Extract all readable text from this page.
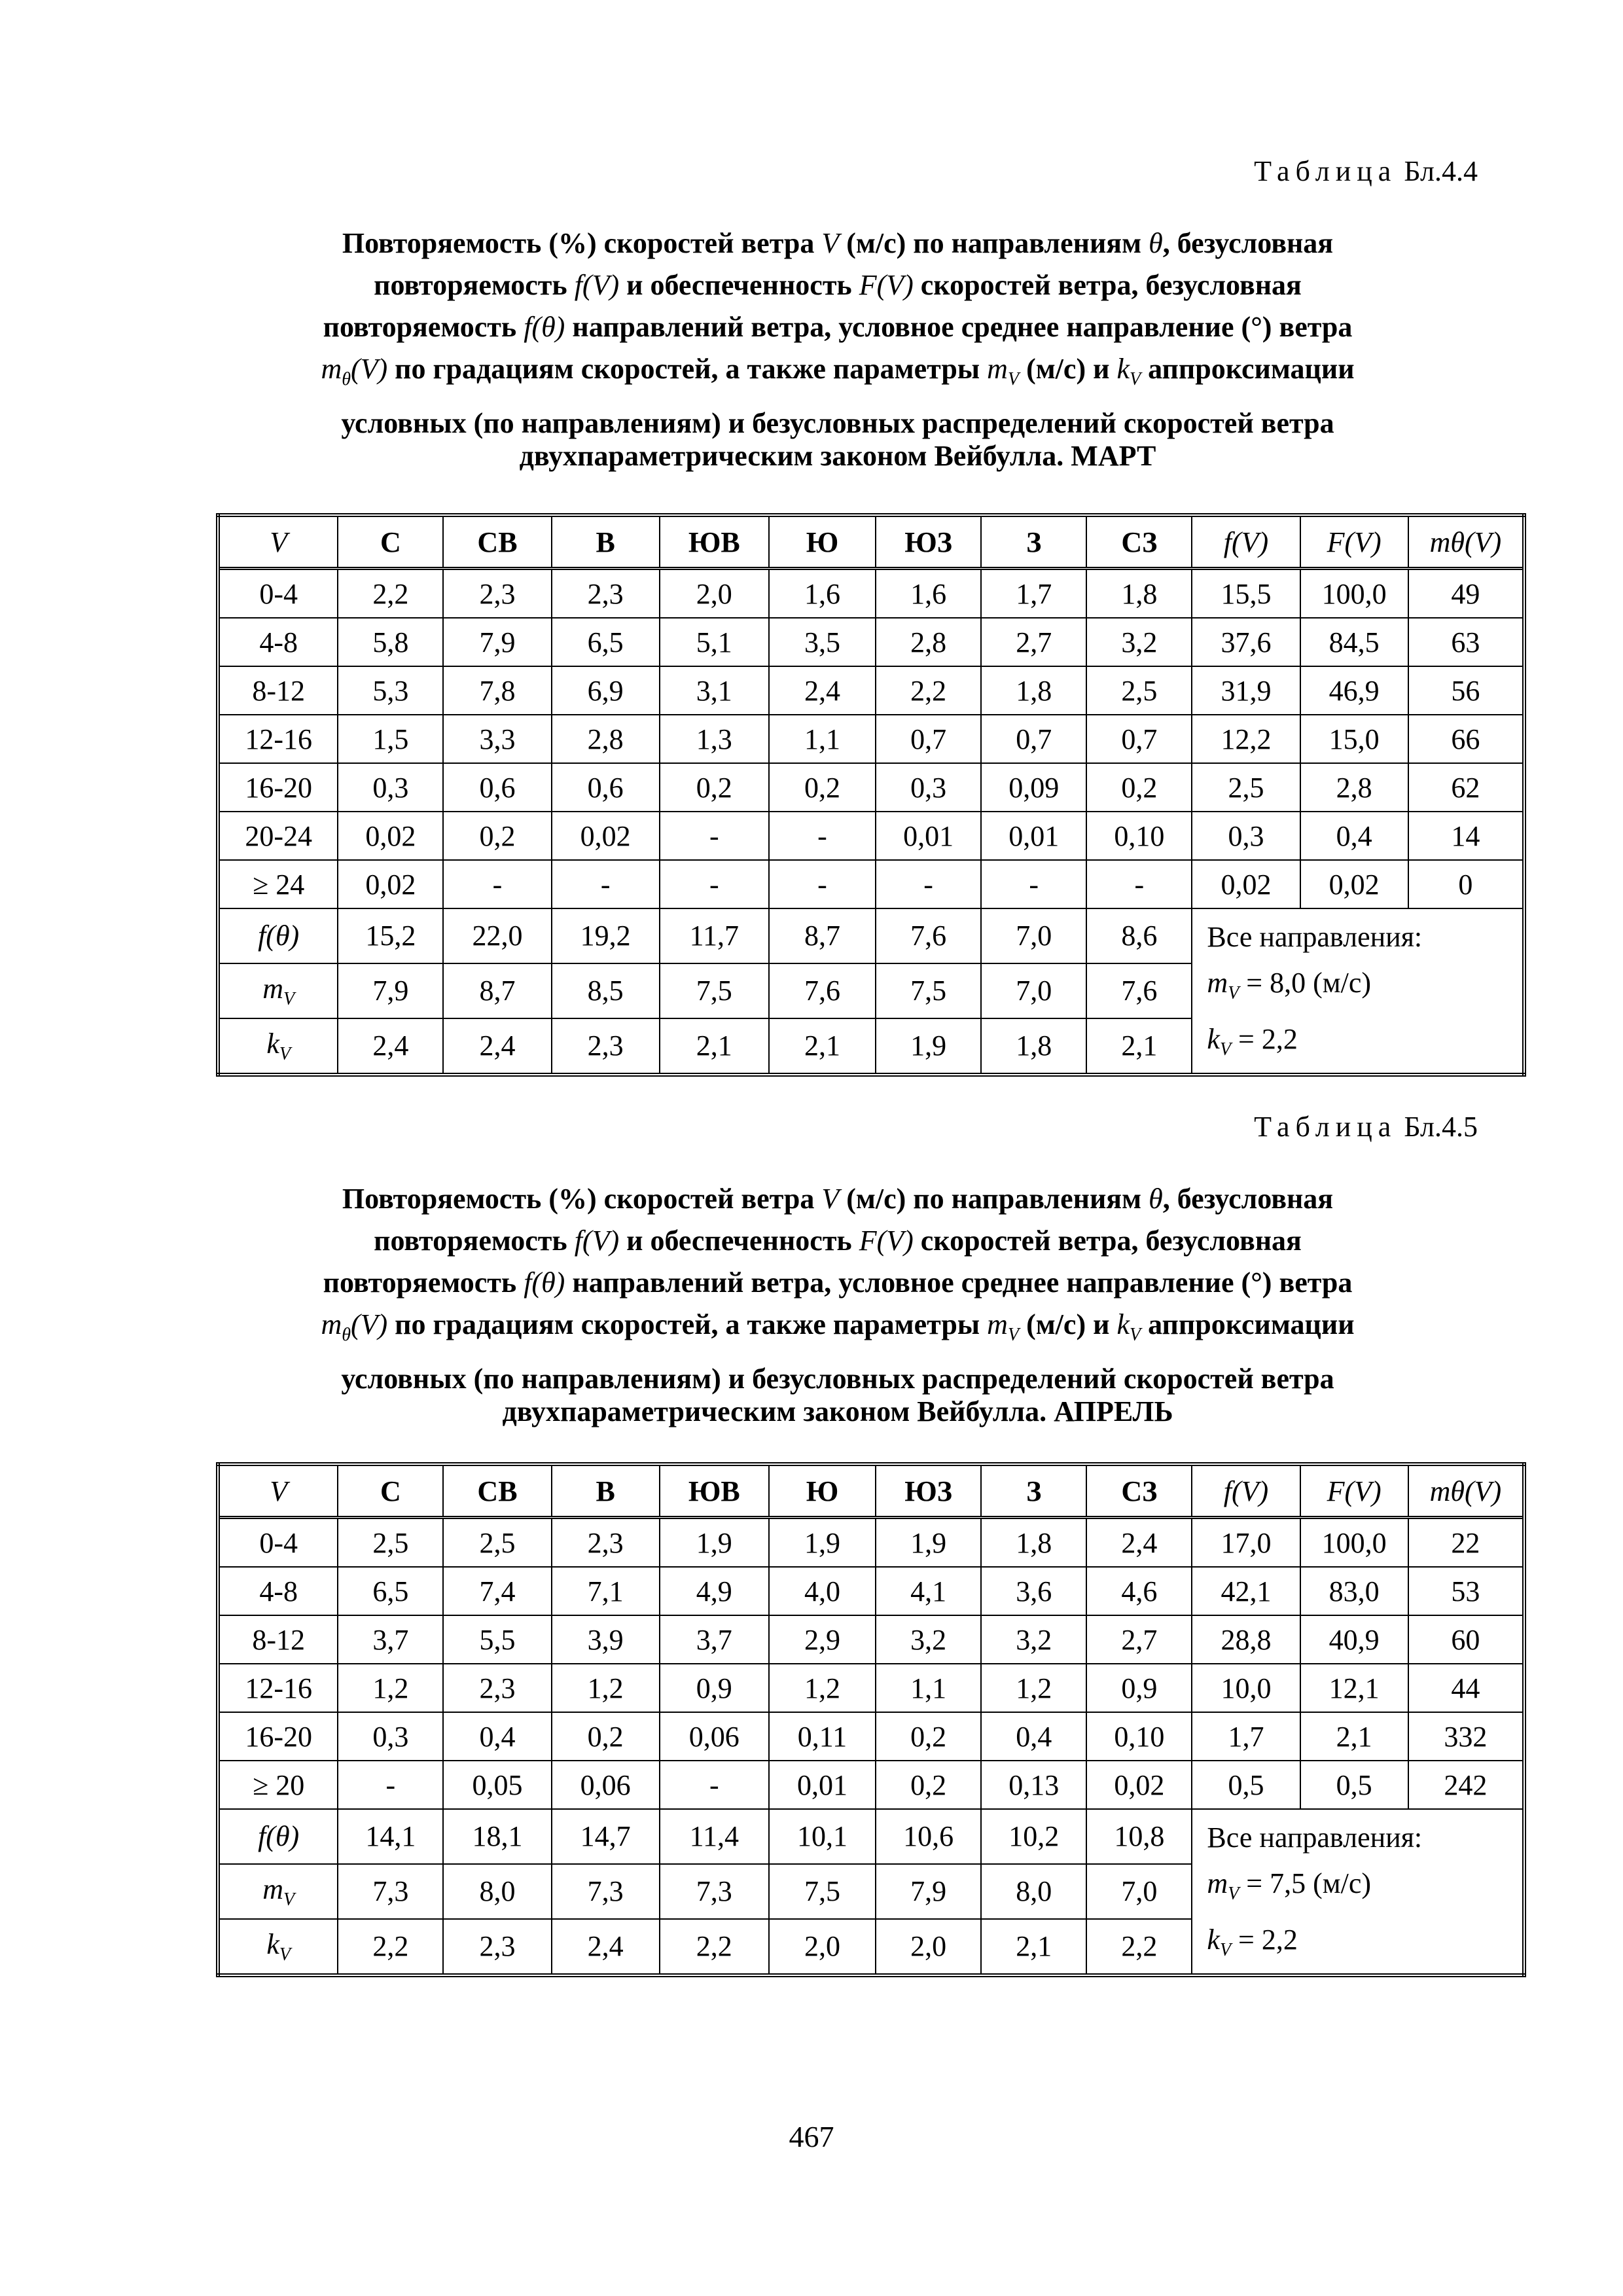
Таблица Бл.4.4
Повторяемость (%) скоростей ветра V (м/с) по направлениям θ, безусловная
повторяемость f(V) и обеспеченность F(V) скоростей ветра, безусловная
повторяемость f(θ) направлений ветра, условное среднее направление (°) ветра
$m_\theta(V)$ по градациям скоростей, а также параметры $m_V$ (м/с) и $k_V$ аппроксимации
условных (по направлениям) и безусловных распределений скоростей ветра
двухпараметрическим законом Вейбулла. МАРТ
V	С	СВ	В	ЮВ	Ю	ЮЗ	З	СЗ	f(V)	F(V)	mθ(V)
0-4	2,2	2,3	2,3	2,0	1,6	1,6	1,7	1,8	15,5	100,0	49
4-8	5,8	7,9	6,5	5,1	3,5	2,8	2,7	3,2	37,6	84,5	63
8-12	5,3	7,8	6,9	3,1	2,4	2,2	1,8	2,5	31,9	46,9	56
12-16	1,5	3,3	2,8	1,3	1,1	0,7	0,7	0,7	12,2	15,0	66
16-20	0,3	0,6	0,6	0,2	0,2	0,3	0,09	0,2	2,5	2,8	62
20-24	0,02	0,2	0,02	-	-	0,01	0,01	0,10	0,3	0,4	14
≥ 24	0,02	-	-	-	-	-	-	-	0,02	0,02	0
f(θ)	15,2	22,0	19,2	11,7	8,7	7,6	7,0	8,6	Все направления:
$m_V = 8,0$ (м/с)
$k_V = 2,2$		

$m_V$	7,9	8,7	8,5	7,5	7,6	7,5	7,0	7,6			
$k_V$	2,4	2,4	2,3	2,1	2,1	1,9	1,8	2,1			
Таблица Бл.4.5
Повторяемость (%) скоростей ветра V (м/с) по направлениям θ, безусловная
повторяемость f(V) и обеспеченность F(V) скоростей ветра, безусловная
повторяемость f(θ) направлений ветра, условное среднее направление (°) ветра
$m_\theta(V)$ по градациям скоростей, а также параметры $m_V$ (м/с) и $k_V$ аппроксимации
условных (по направлениям) и безусловных распределений скоростей ветра
двухпараметрическим законом Вейбулла. АПРЕЛЬ
V	С	СВ	В	ЮВ	Ю	ЮЗ	З	СЗ	f(V)	F(V)	mθ(V)
0-4	2,5	2,5	2,3	1,9	1,9	1,9	1,8	2,4	17,0	100,0	22
4-8	6,5	7,4	7,1	4,9	4,0	4,1	3,6	4,6	42,1	83,0	53
8-12	3,7	5,5	3,9	3,7	2,9	3,2	3,2	2,7	28,8	40,9	60
12-16	1,2	2,3	1,2	0,9	1,2	1,1	1,2	0,9	10,0	12,1	44
16-20	0,3	0,4	0,2	0,06	0,11	0,2	0,4	0,10	1,7	2,1	332
≥ 20	-	0,05	0,06	-	0,01	0,2	0,13	0,02	0,5	0,5	242
f(θ)	14,1	18,1	14,7	11,4	10,1	10,6	10,2	10,8	Все направления:
$m_V = 7,5$ (м/с)
$k_V = 2,2$		

$m_V$	7,3	8,0	7,3	7,3	7,5	7,9	8,0	7,0			
$k_V$	2,2	2,3	2,4	2,2	2,0	2,0	2,1	2,2			
467
